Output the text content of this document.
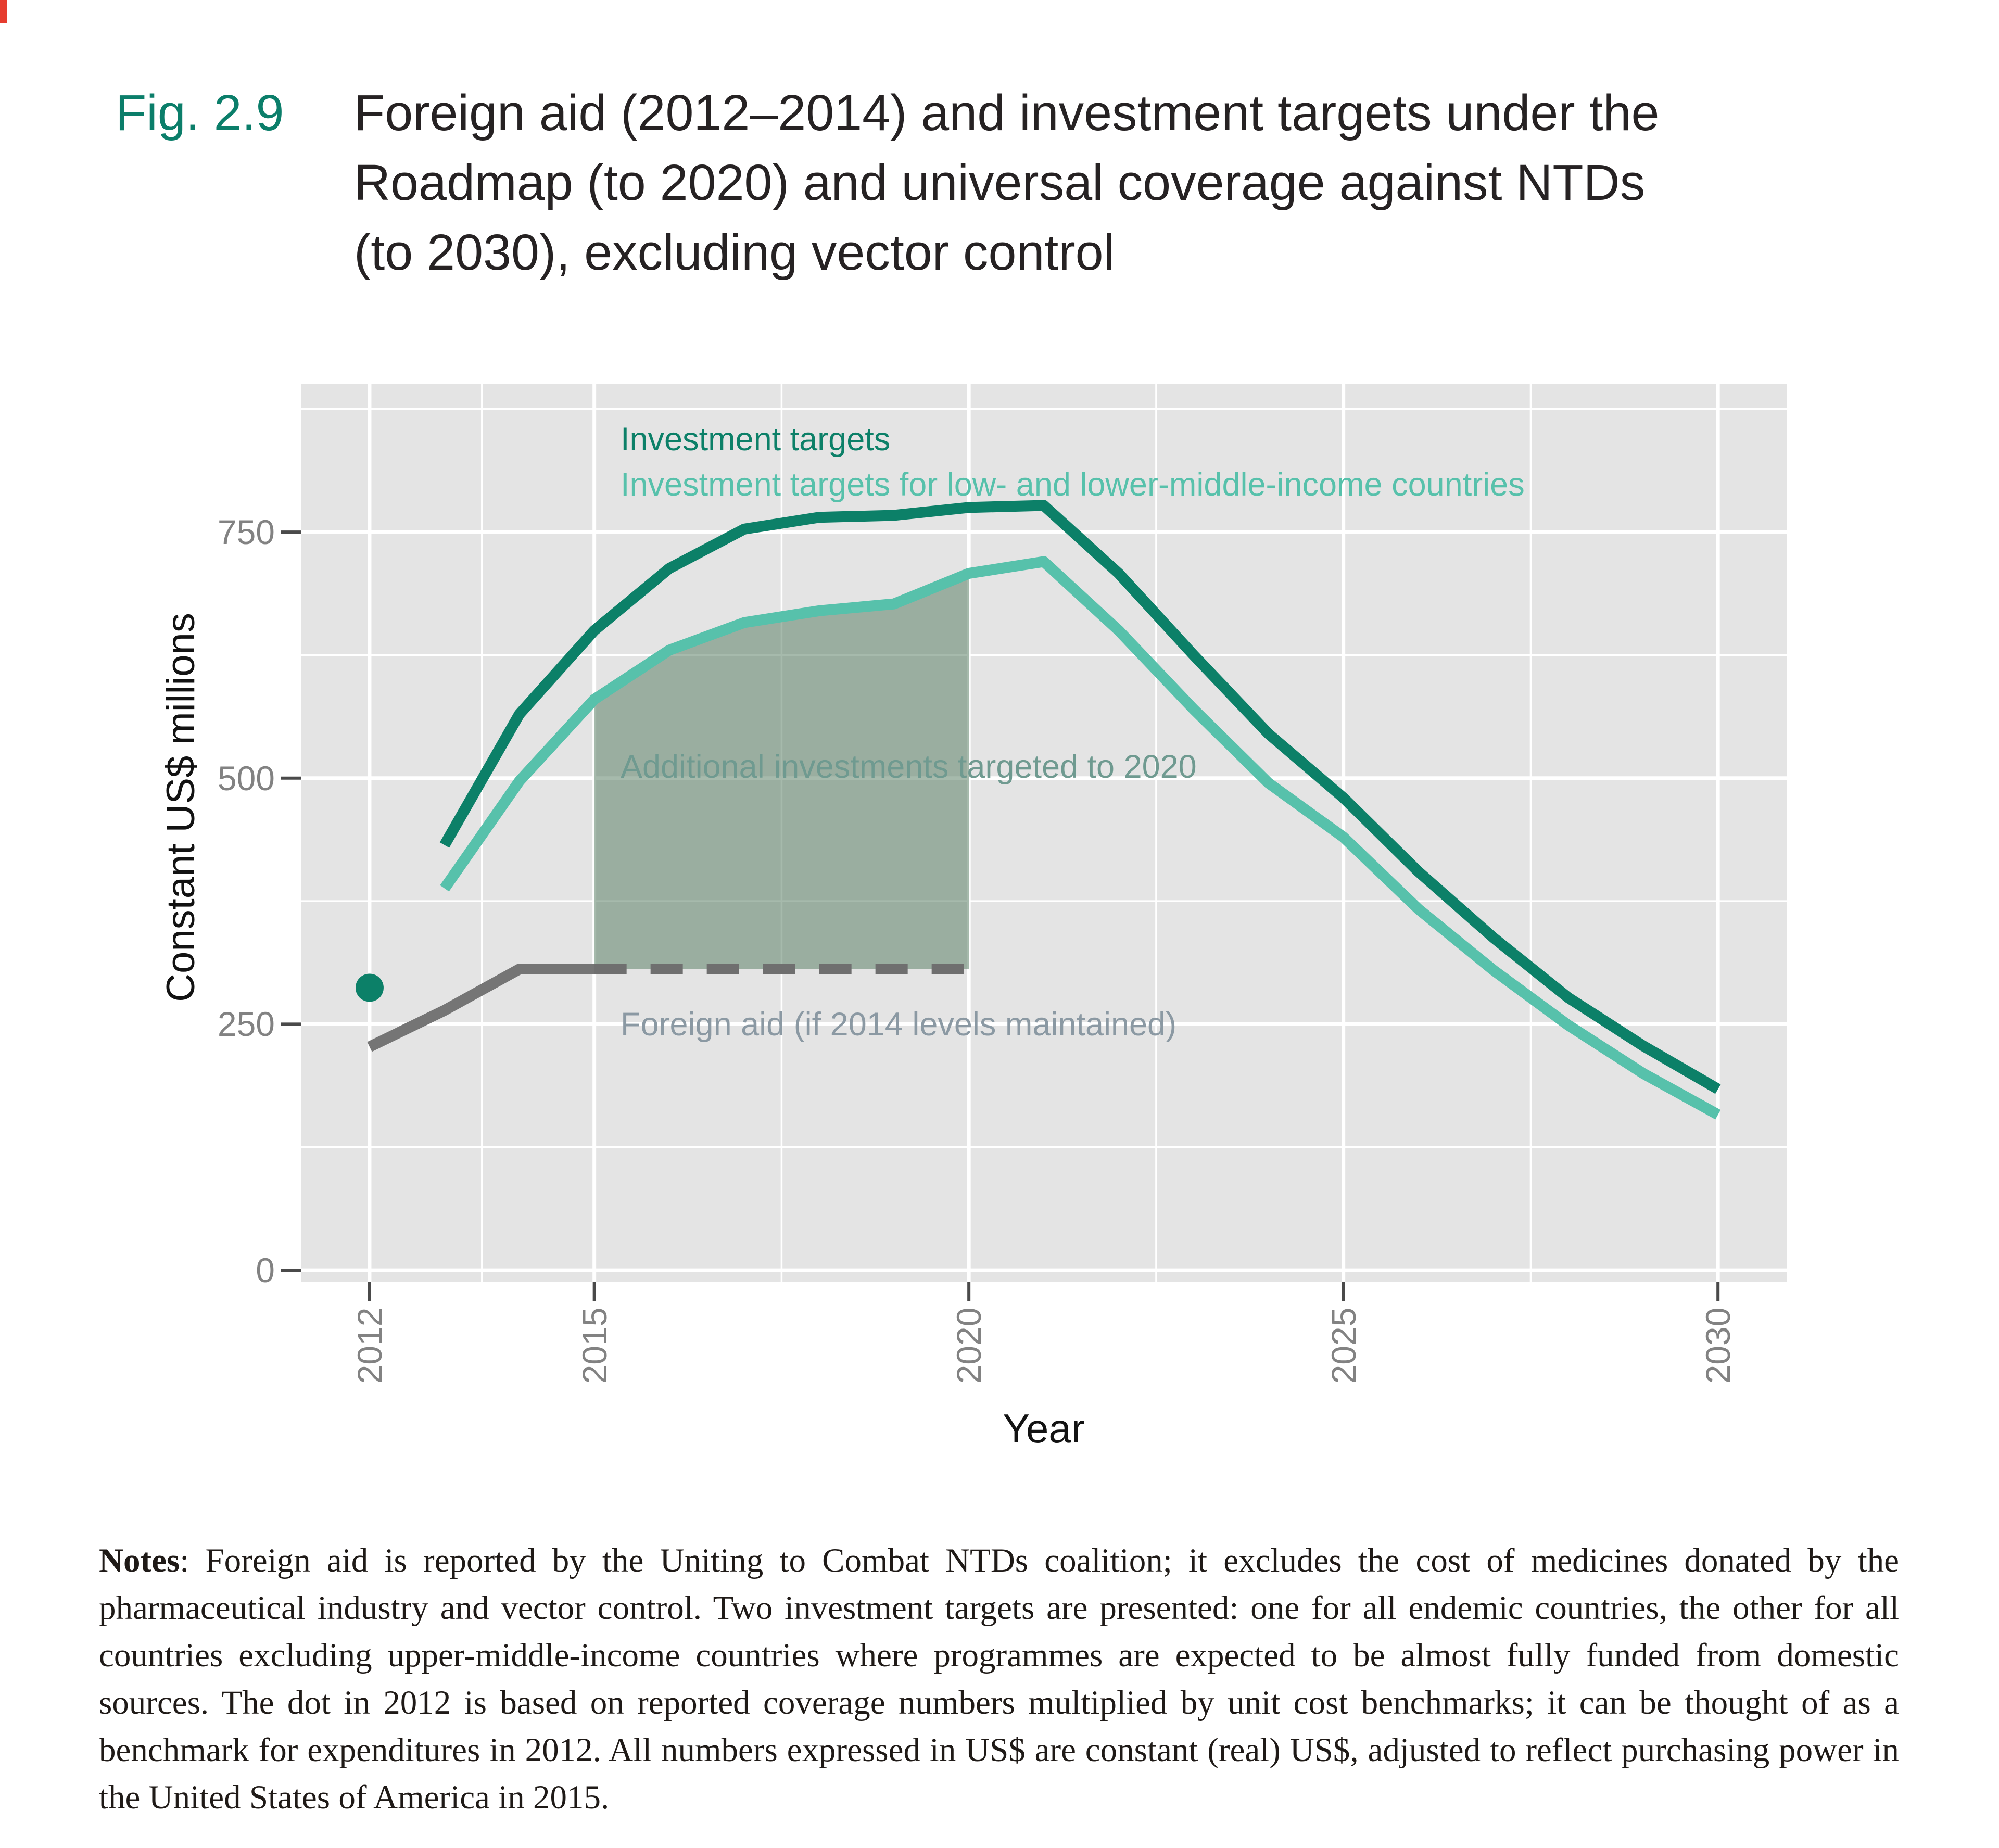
Fig. 2.9 Foreign aid (2012–2014) and investment targets under the
Roadmap (to 2020) and universal coverage against NTDs
(to 2030), excluding vector control
0
250
500
750
2012	2015	2020	2025	2030
Investment targets
Investment targets for low- and lower-middle-income countries
Additional investments targeted to 2020
Foreign aid (if 2014 levels maintained)
Constant US$ millions
Year

Notes: Foreign aid is reported by the Uniting to Combat NTDs coalition; it excludes the cost of medicines donated by the pharmaceutical industry and vector control. Two investment targets are presented: one for all endemic countries, the other for all countries excluding upper-middle-income countries where programmes are expected to be almost fully funded from domestic sources. The dot in 2012 is based on reported coverage numbers multiplied by unit cost benchmarks; it can be thought of as a benchmark for expenditures in 2012. All numbers expressed in US$ are constant (real) US$, adjusted to reflect purchasing power in the United States of America in 2015.
